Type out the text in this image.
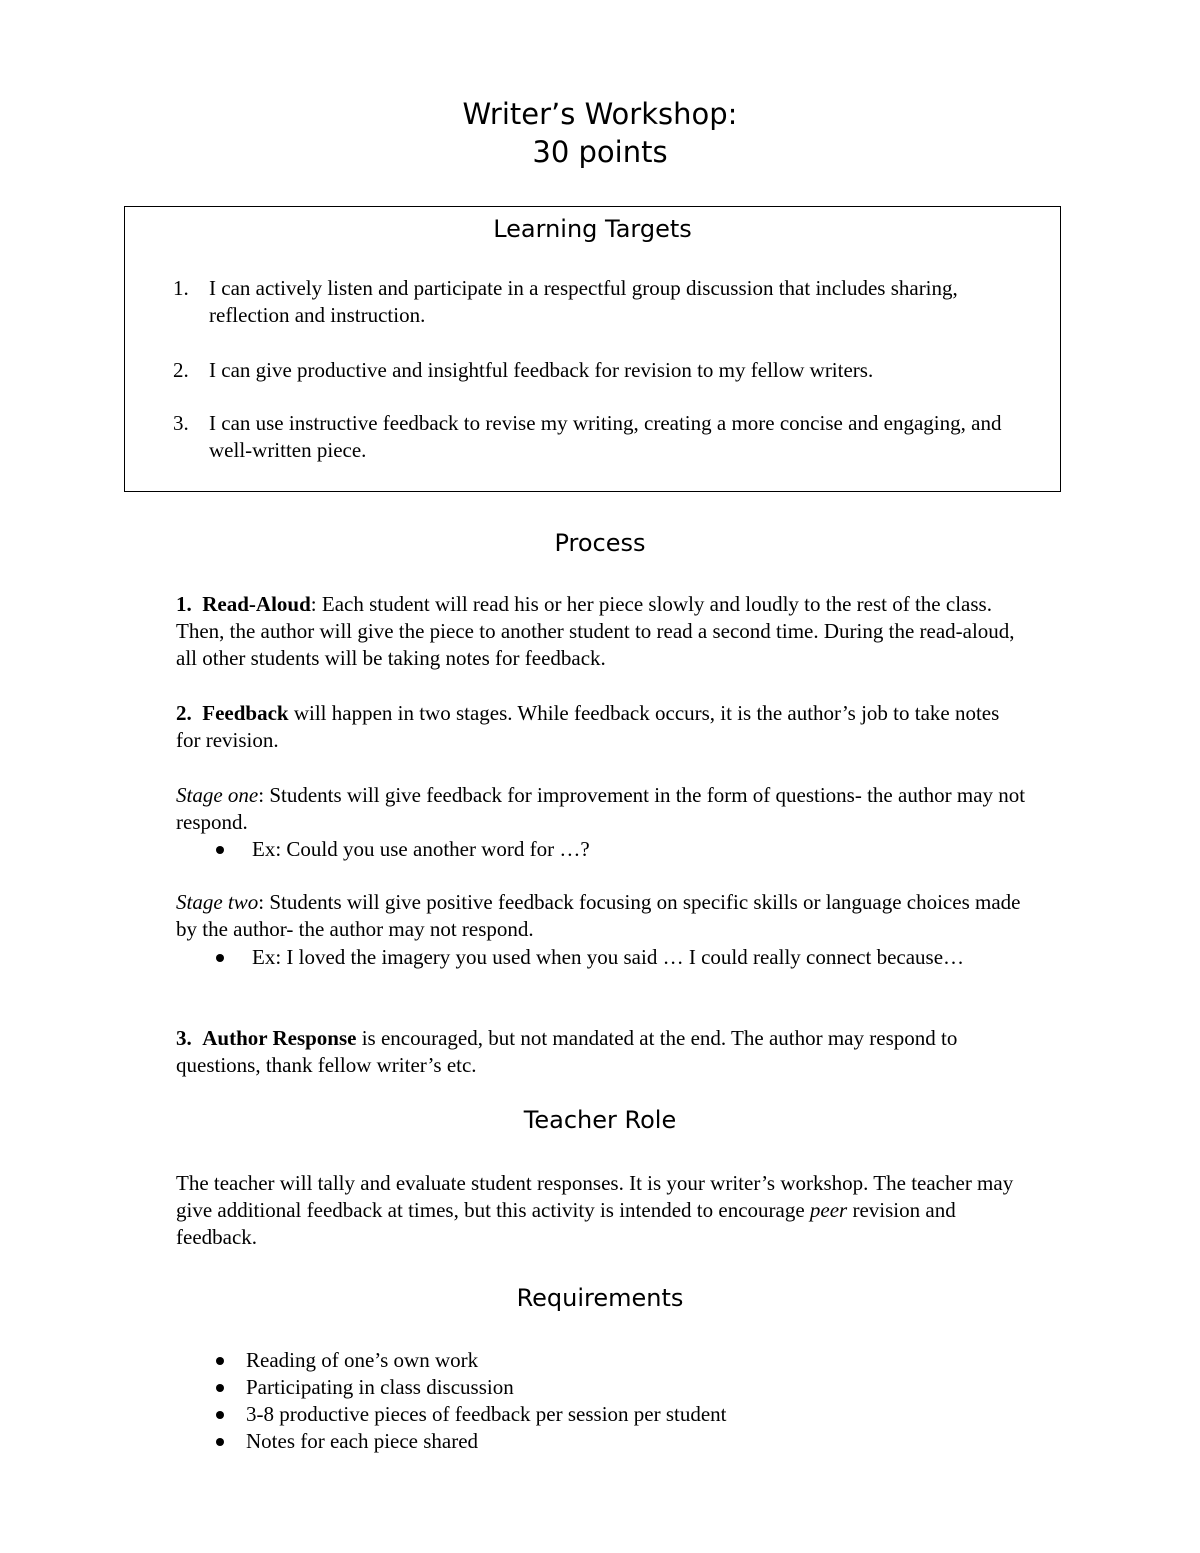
Writer’s Workshop:
30 points
Learning Targets
1. I can actively listen and participate in a respectful group discussion that includes sharing, reflection and instruction.
2. I can give productive and insightful feedback for revision to my fellow writers.
3. I can use instructive feedback to revise my writing, creating a more concise and engaging, and well-written piece.
Process
1. Read-Aloud: Each student will read his or her piece slowly and loudly to the rest of the class. Then, the author will give the piece to another student to read a second time. During the read-aloud, all other students will be taking notes for feedback.
2. Feedback will happen in two stages. While feedback occurs, it is the author’s job to take notes for revision.
Stage one: Students will give feedback for improvement in the form of questions- the author may not respond.
Ex: Could you use another word for …?
Stage two: Students will give positive feedback focusing on specific skills or language choices made by the author- the author may not respond.
Ex: I loved the imagery you used when you said … I could really connect because…
3. Author Response is encouraged, but not mandated at the end. The author may respond to questions, thank fellow writer’s etc.
Teacher Role
The teacher will tally and evaluate student responses. It is your writer’s workshop. The teacher may give additional feedback at times, but this activity is intended to encourage peer revision and feedback.
Requirements
Reading of one’s own work
Participating in class discussion
3-8 productive pieces of feedback per session per student
Notes for each piece shared
